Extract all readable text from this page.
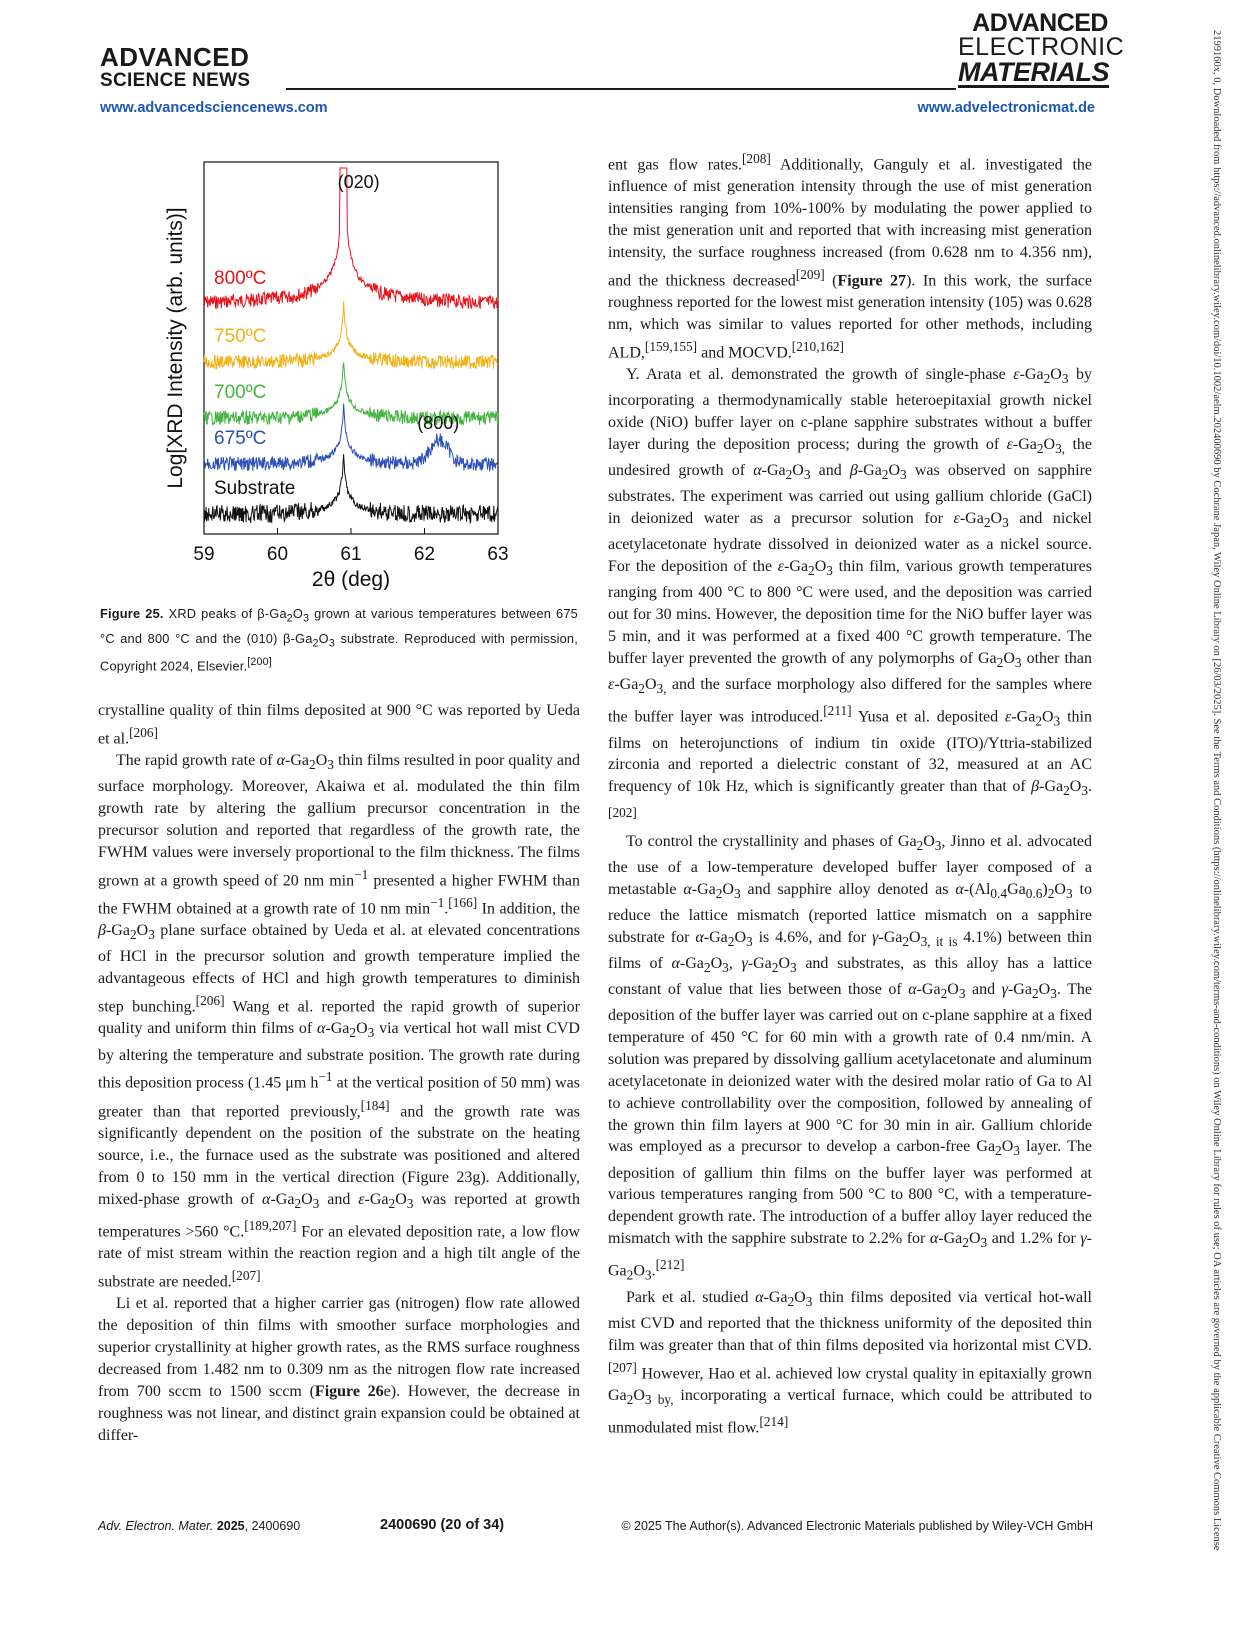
ADVANCED
SCIENCE NEWS
ADVANCED
ELECTRONIC
MATERIALS
www.advancedsciencenews.com	www.advelectronicmat.de	2199160x, 0, Downloaded from https://advanced.onlinelibrary.wiley.com/doi/10.1002/aelm.202400690 by Cochrane Japan, Wiley Online Library on [26/03/2025]. See the Terms and Conditions (https://onlinelibrary.wiley.com/terms-and-conditions) on Wiley Online Library for rules of use; OA articles are governed by the applicable Creative Commons License
800ºC
750ºC
700ºC
675ºC
Substrate
(020)
(800)
59	60	61	62	63
2θ (deg)
Log[XRD Intensity (arb. units)]
Figure 25. XRD peaks of $\beta-Ga_2O_3$ grown at various temperatures between 675 °C and 800 °C and the (010) $\beta-Ga_2O_3$ substrate. Reproduced with permission, Copyright 2024, Elsevier.[200]

crystalline quality of thin films deposited at 900 °C was reported by Ueda et al.[206]

The rapid growth rate of $\alpha-Ga_2O_3$ thin films resulted in poor quality and surface morphology. Moreover, Akaiwa et al. modulated the thin film growth rate by altering the gallium precursor concentration in the precursor solution and reported that regardless of the growth rate, the FWHM values were inversely proportional to the film thickness. The films grown at a growth speed of 20 nm $\min^{-1}$ presented a higher FWHM than the FWHM obtained at a growth rate of 10 nm $\min^{-1}.[166]$ In addition, the $\beta-Ga_2O_3$ plane surface obtained by Ueda et al. at elevated concentrations of HCl in the precursor solution and growth temperature implied the advantageous effects of HCl and high growth temperatures to diminish step bunching.[206] Wang et al. reported the rapid growth of superior quality and uniform thin films of $\alpha-Ga_2O_3$ via vertical hot wall mist CVD by altering the temperature and substrate position. The growth rate during this deposition process (1.45 μm $h^{-1}$ at the vertical position of 50 mm) was greater than that reported previously,[184] and the growth rate was significantly dependent on the position of the substrate on the heating source, i.e., the furnace used as the substrate was positioned and altered from 0 to 150 mm in the vertical direction (Figure 23g). Additionally, mixed-phase growth of $\alpha-Ga_2O_3$ and $\varepsilon-Ga_2O_3$ was reported at growth temperatures >560 °C.[189,207] For an elevated deposition rate, a low flow rate of mist stream within the reaction region and a high tilt angle of the substrate are needed.[207]

Li et al. reported that a higher carrier gas (nitrogen) flow rate allowed the deposition of thin films with smoother surface morphologies and superior crystallinity at higher growth rates, as the RMS surface roughness decreased from 1.482 nm to 0.309 nm as the nitrogen flow rate increased from 700 sccm to 1500 sccm (Figure 26e). However, the decrease in roughness was not linear, and distinct grain expansion could be obtained at differ-

ent gas flow rates.[208] Additionally, Ganguly et al. investigated the influence of mist generation intensity through the use of mist generation intensities ranging from 10%-100% by modulating the power applied to the mist generation unit and reported that with increasing mist generation intensity, the surface roughness increased (from 0.628 nm to 4.356 nm), and the thickness decreased[209] (Figure 27). In this work, the surface roughness reported for the lowest mist generation intensity (105) was 0.628 nm, which was similar to values reported for other methods, including ALD,[159,155] and MOCVD.[210,162]

Y. Arata et al. demonstrated the growth of single-phase $\varepsilon-Ga_2O_3$ by incorporating a thermodynamically stable heteroepitaxial growth nickel oxide (NiO) buffer layer on c-plane sapphire substrates without a buffer layer during the deposition process; during the growth of $\varepsilon-Ga_2O_{3,}$ the undesired growth of $\alpha-Ga_2O_3$ and $\beta-Ga_2O_3$ was observed on sapphire substrates. The experiment was carried out using gallium chloride (GaCl) in deionized water as a precursor solution for $\varepsilon-Ga_2O_3$ and nickel acetylacetonate hydrate dissolved in deionized water as a nickel source. For the deposition of the $\varepsilon-Ga_2O_3$ thin film, various growth temperatures ranging from 400 °C to 800 °C were used, and the deposition was carried out for 30 mins. However, the deposition time for the NiO buffer layer was 5 min, and it was performed at a fixed 400 °C growth temperature. The buffer layer prevented the growth of any polymorphs of $Ga_2O_3$ other than $\varepsilon-Ga_2O_{3,}$ and the surface morphology also differed for the samples where the buffer layer was introduced.[211] Yusa et al. deposited $\varepsilon-Ga_2O_3$ thin films on heterojunctions of indium tin oxide (ITO)/Yttria-stabilized zirconia and reported a dielectric constant of 32, measured at an AC frequency of 10k Hz, which is significantly greater than that of $\beta-Ga_2O_3.[202]$

To control the crystallinity and phases of $Ga_2O_3$, Jinno et al. advocated the use of a low-temperature developed buffer layer composed of a metastable $\alpha-Ga_2O_3$ and sapphire alloy denoted as $\alpha-(Al_{0.4}Ga_{0.6})_2O_3$ to reduce the lattice mismatch (reported lattice mismatch on a sapphire substrate for $\alpha-Ga_2O_3$ is 4.6%, and for $\gamma-Ga_2O_{3, it is}$ 4.1%) between thin films of $\alpha-Ga_2O_3$, $\gamma-Ga_2O_3$ and substrates, as this alloy has a lattice constant of value that lies between those of $\alpha-Ga_2O_3$ and $\gamma-Ga_2O_3$. The deposition of the buffer layer was carried out on c-plane sapphire at a fixed temperature of 450 °C for 60 min with a growth rate of 0.4 nm/min. A solution was prepared by dissolving gallium acetylacetonate and aluminum acetylacetonate in deionized water with the desired molar ratio of Ga to Al to achieve controllability over the composition, followed by annealing of the grown thin film layers at 900 °C for 30 min in air. Gallium chloride was employed as a precursor to develop a carbon-free $Ga_2O_3$ layer. The deposition of gallium thin films on the buffer layer was performed at various temperatures ranging from 500 °C to 800 °C, with a temperature-dependent growth rate. The introduction of a buffer alloy layer reduced the mismatch with the sapphire substrate to 2.2% for $\alpha-Ga_2O_3$ and 1.2% for $\gamma-Ga_2O_3.[212]$

Park et al. studied $\alpha-Ga_2O_3$ thin films deposited via vertical hot-wall mist CVD and reported that the thickness uniformity of the deposited thin film was greater than that of thin films deposited via horizontal mist CVD.[207] However, Hao et al. achieved low crystal quality in epitaxially grown $Ga_2O_{3 by,}$ incorporating a vertical furnace, which could be attributed to unmodulated mist flow.[214]

Adv. Electron. Mater. 2025, 2400690	2400690 (20 of 34)	© 2025 The Author(s). Advanced Electronic Materials published by Wiley-VCH GmbH
